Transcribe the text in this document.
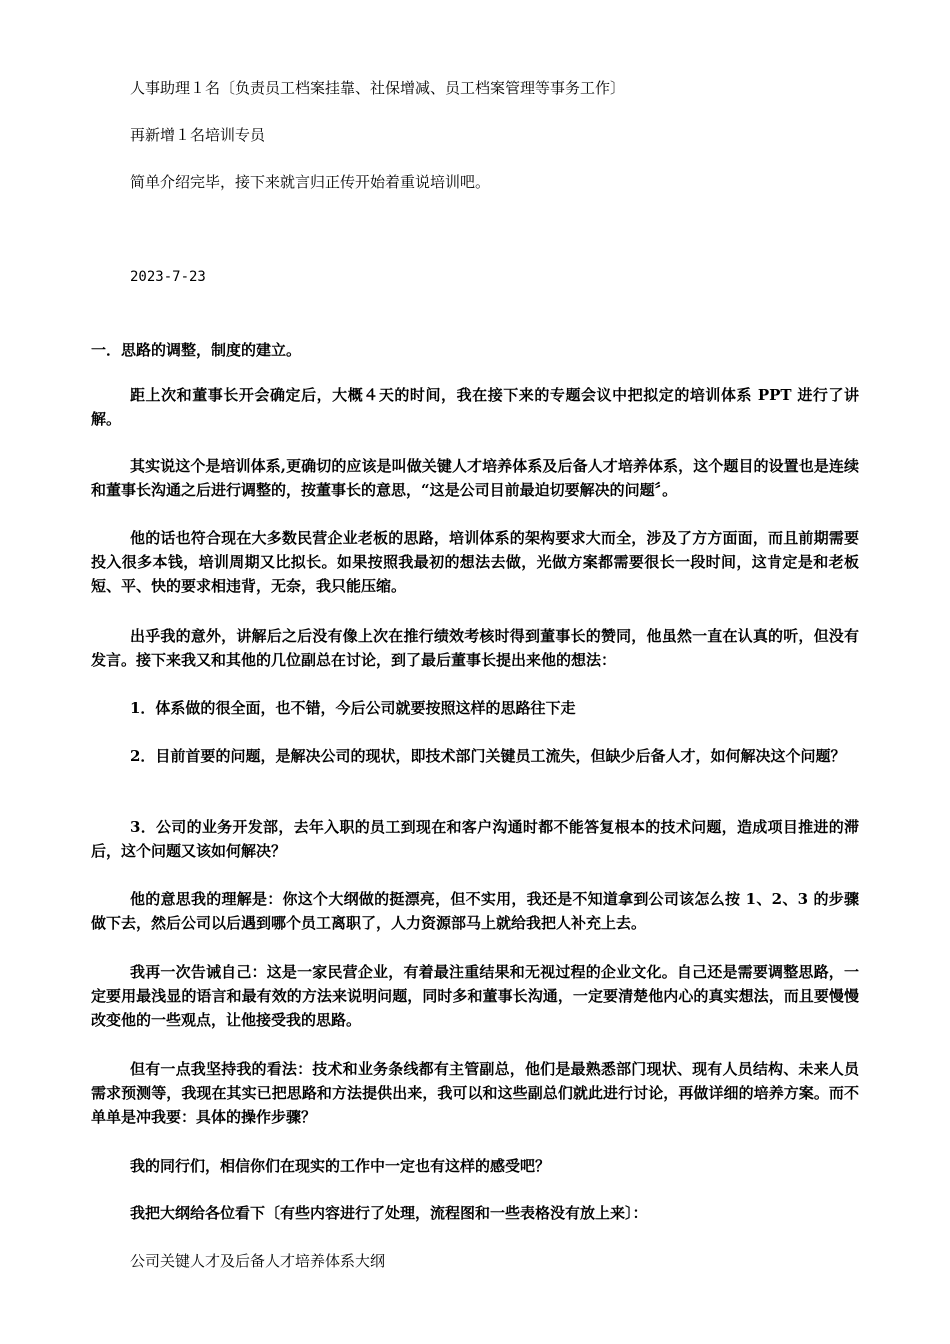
人事助理１名〔负责员工档案挂靠、社保增减、员工档案管理等事务工作〕
再新增１名培训专员
简单介绍完毕，接下来就言归正传开始着重说培训吧。
2023-7-23
一．思路的调整，制度的建立。

距上次和董事长开会确定后，大概４天的时间，我在接下来的专题会议中把拟定的培训体系 PPT 进行了讲解。

其实说这个是培训体系,更确切的应该是叫做关键人才培养体系及后备人才培养体系，这个题目的设置也是连续和董事长沟通之后进行调整的，按董事长的意思，“这是公司目前最迫切要解决的问题〞。

他的话也符合现在大多数民营企业老板的思路，培训体系的架构要求大而全，涉及了方方面面，而且前期需要投入很多本钱，培训周期又比拟长。如果按照我最初的想法去做，光做方案都需要很长一段时间，这肯定是和老板短、平、快的要求相违背，无奈，我只能压缩。

出乎我的意外，讲解后之后没有像上次在推行绩效考核时得到董事长的赞同，他虽然一直在认真的听，但没有发言。接下来我又和其他的几位副总在讨论，到了最后董事长提出来他的想法：

1．体系做的很全面，也不错，今后公司就要按照这样的思路往下走

2．目前首要的问题，是解决公司的现状，即技术部门关键员工流失，但缺少后备人才，如何解决这个问题？

3．公司的业务开发部，去年入职的员工到现在和客户沟通时都不能答复根本的技术问题，造成项目推进的滞后，这个问题又该如何解决？

他的意思我的理解是：你这个大纲做的挺漂亮，但不实用，我还是不知道拿到公司该怎么按 1、2、3 的步骤做下去，然后公司以后遇到哪个员工离职了，人力资源部马上就给我把人补充上去。

我再一次告诫自己：这是一家民营企业，有着最注重结果和无视过程的企业文化。自己还是需要调整思路，一定要用最浅显的语言和最有效的方法来说明问题，同时多和董事长沟通，一定要清楚他内心的真实想法，而且要慢慢改变他的一些观点，让他接受我的思路。

但有一点我坚持我的看法：技术和业务条线都有主管副总，他们是最熟悉部门现状、现有人员结构、未来人员需求预测等，我现在其实已把思路和方法提供出来，我可以和这些副总们就此进行讨论，再做详细的培养方案。而不单单是冲我要：具体的操作步骤？

我的同行们，相信你们在现实的工作中一定也有这样的感受吧？
我把大纲给各位看下〔有些内容进行了处理，流程图和一些表格没有放上来〕：
公司关键人才及后备人才培养体系大纲
